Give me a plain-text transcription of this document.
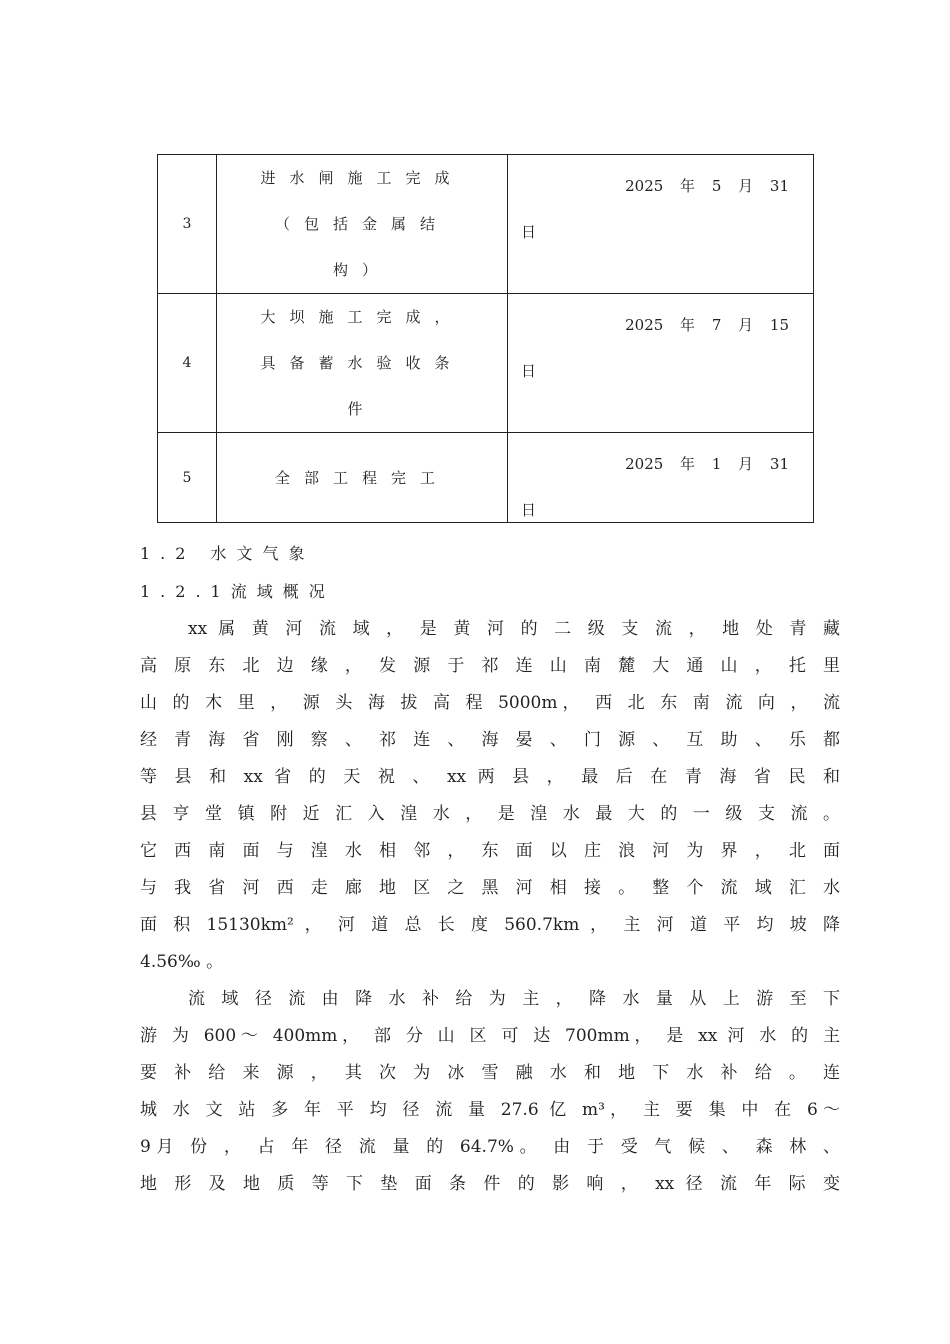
3	进水闸施工完成
（包括金属结
构）	2025 年 5 月 31
日

4	大坝施工完成，
具备蓄水验收条
件	2025 年 7 月 15
日

5	全部工程完工	2025 年 1 月 31
日
1.2 水文气象
1.2.1流域概况
xx 属 黄 河 流 域 ， 是 黄 河 的 二 级 支 流 ， 地 处 青 藏
高 原 东 北 边 缘 ， 发 源 于 祁 连 山 南 麓 大 通 山 ， 托 里
山 的 木 里 ， 源 头 海 拔 高 程 5000m， 西 北 东 南 流 向 ， 流
经 青 海 省 刚 察 、 祁 连 、 海 晏 、 门 源 、 互 助 、 乐 都
等 县 和 xx 省 的 天 祝 、 xx 两 县 ， 最 后 在 青 海 省 民 和
县 亨 堂 镇 附 近 汇 入 湟 水 ， 是 湟 水 最 大 的 一 级 支 流 。
它 西 南 面 与 湟 水 相 邻 ， 东 面 以 庄 浪 河 为 界 ， 北 面
与 我 省 河 西 走 廊 地 区 之 黑 河 相 接 。 整 个 流 域 汇 水
面 积 15130km² ， 河 道 总 长 度 560.7km ， 主 河 道 平 均 坡 降
4.56‰ 。
流 域 径 流 由 降 水 补 给 为 主 ， 降 水 量 从 上 游 至 下
游 为 600～ 400mm， 部 分 山 区 可 达 700mm， 是 xx 河 水 的 主
要 补 给 来 源 ， 其 次 为 冰 雪 融 水 和 地 下 水 补 给 。 连
城 水 文 站 多 年 平 均 径 流 量 27.6 亿 m³， 主 要 集 中 在 6～
9月 份 ， 占 年 径 流 量 的 64.7%。 由 于 受 气 候 、 森 林 、
地 形 及 地 质 等 下 垫 面 条 件 的 影 响 ， xx 径 流 年 际 变
